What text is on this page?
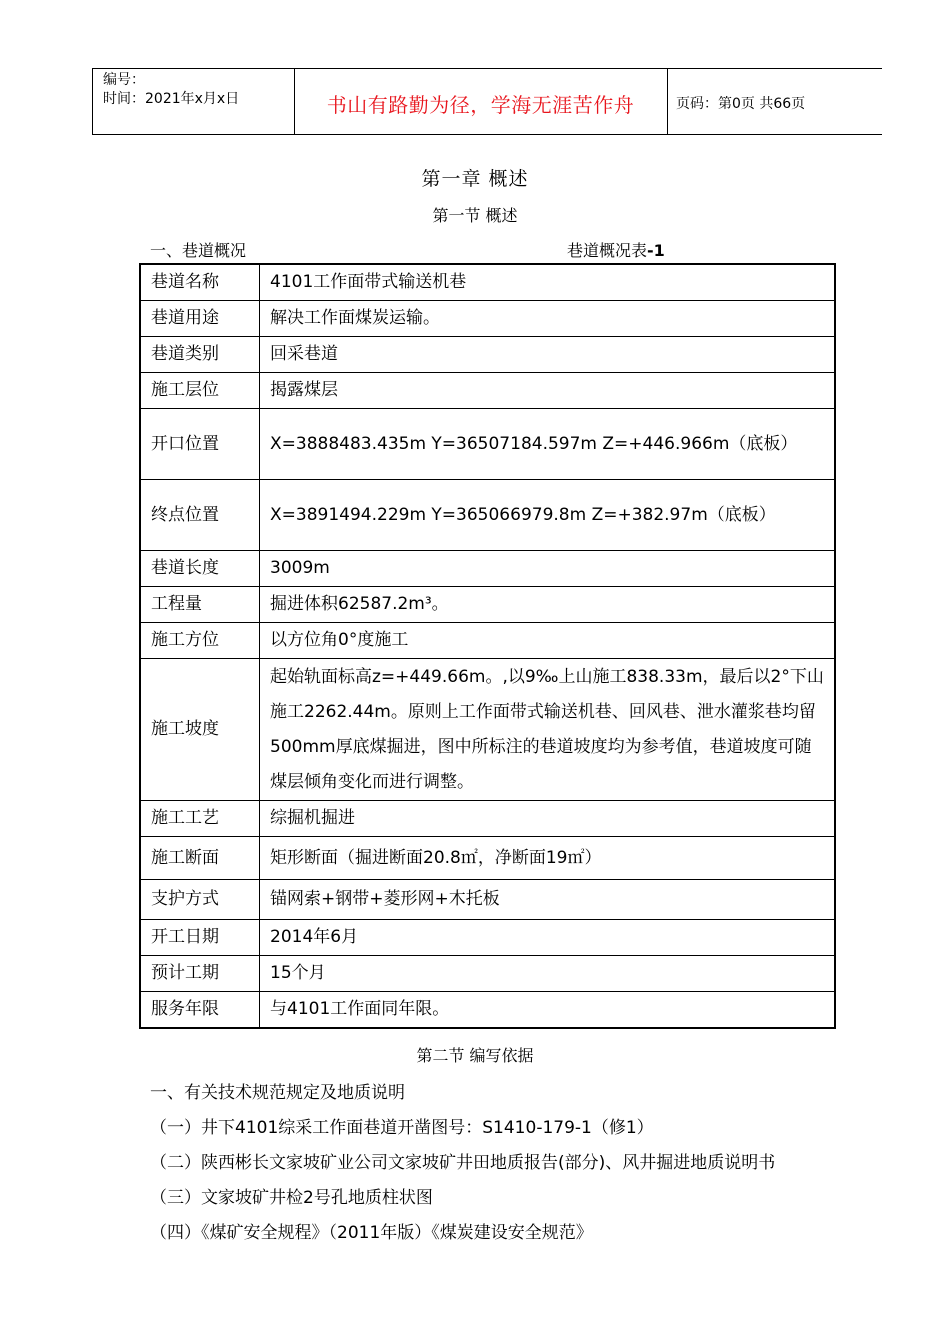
编号：
时间：2021年x月x日	书山有路勤为径，学海无涯苦作舟	页码：第0页 共66页
第一章 概述
第一节 概述
一、巷道概况	巷道概况表-1
巷道名称	4101工作面带式输送机巷
巷道用途	解决工作面煤炭运输。
巷道类别	回采巷道
施工层位	揭露煤层
开口位置	X=3888483.435m Y=36507184.597m Z=+446.966m（底板）
终点位置	X=3891494.229m Y=365066979.8m Z=+382.97m（底板）
巷道长度	3009m
工程量	掘进体积62587.2m³。
施工方位	以方位角0°度施工
施工坡度	起始轨面标高z=+449.66m。,以9‰上山施工838.33m，最后以2°下山施工2262.44m。原则上工作面带式输送机巷、回风巷、泄水灌浆巷均留500mm厚底煤掘进，图中所标注的巷道坡度均为参考值，巷道坡度可随煤层倾角变化而进行调整。
施工工艺	综掘机掘进
施工断面	矩形断面（掘进断面20.8㎡，净断面19㎡）
支护方式	锚网索+钢带+菱形网+木托板
开工日期	2014年6月
预计工期	15个月
服务年限	与4101工作面同年限。
第二节 编写依据
一、有关技术规范规定及地质说明
（一）井下4101综采工作面巷道开凿图号：S1410-179-1（修1）
（二）陕西彬长文家坡矿业公司文家坡矿井田地质报告(部分)、风井掘进地质说明书
（三）文家坡矿井检2号孔地质柱状图
（四）《煤矿安全规程》（2011年版）《煤炭建设安全规范》
